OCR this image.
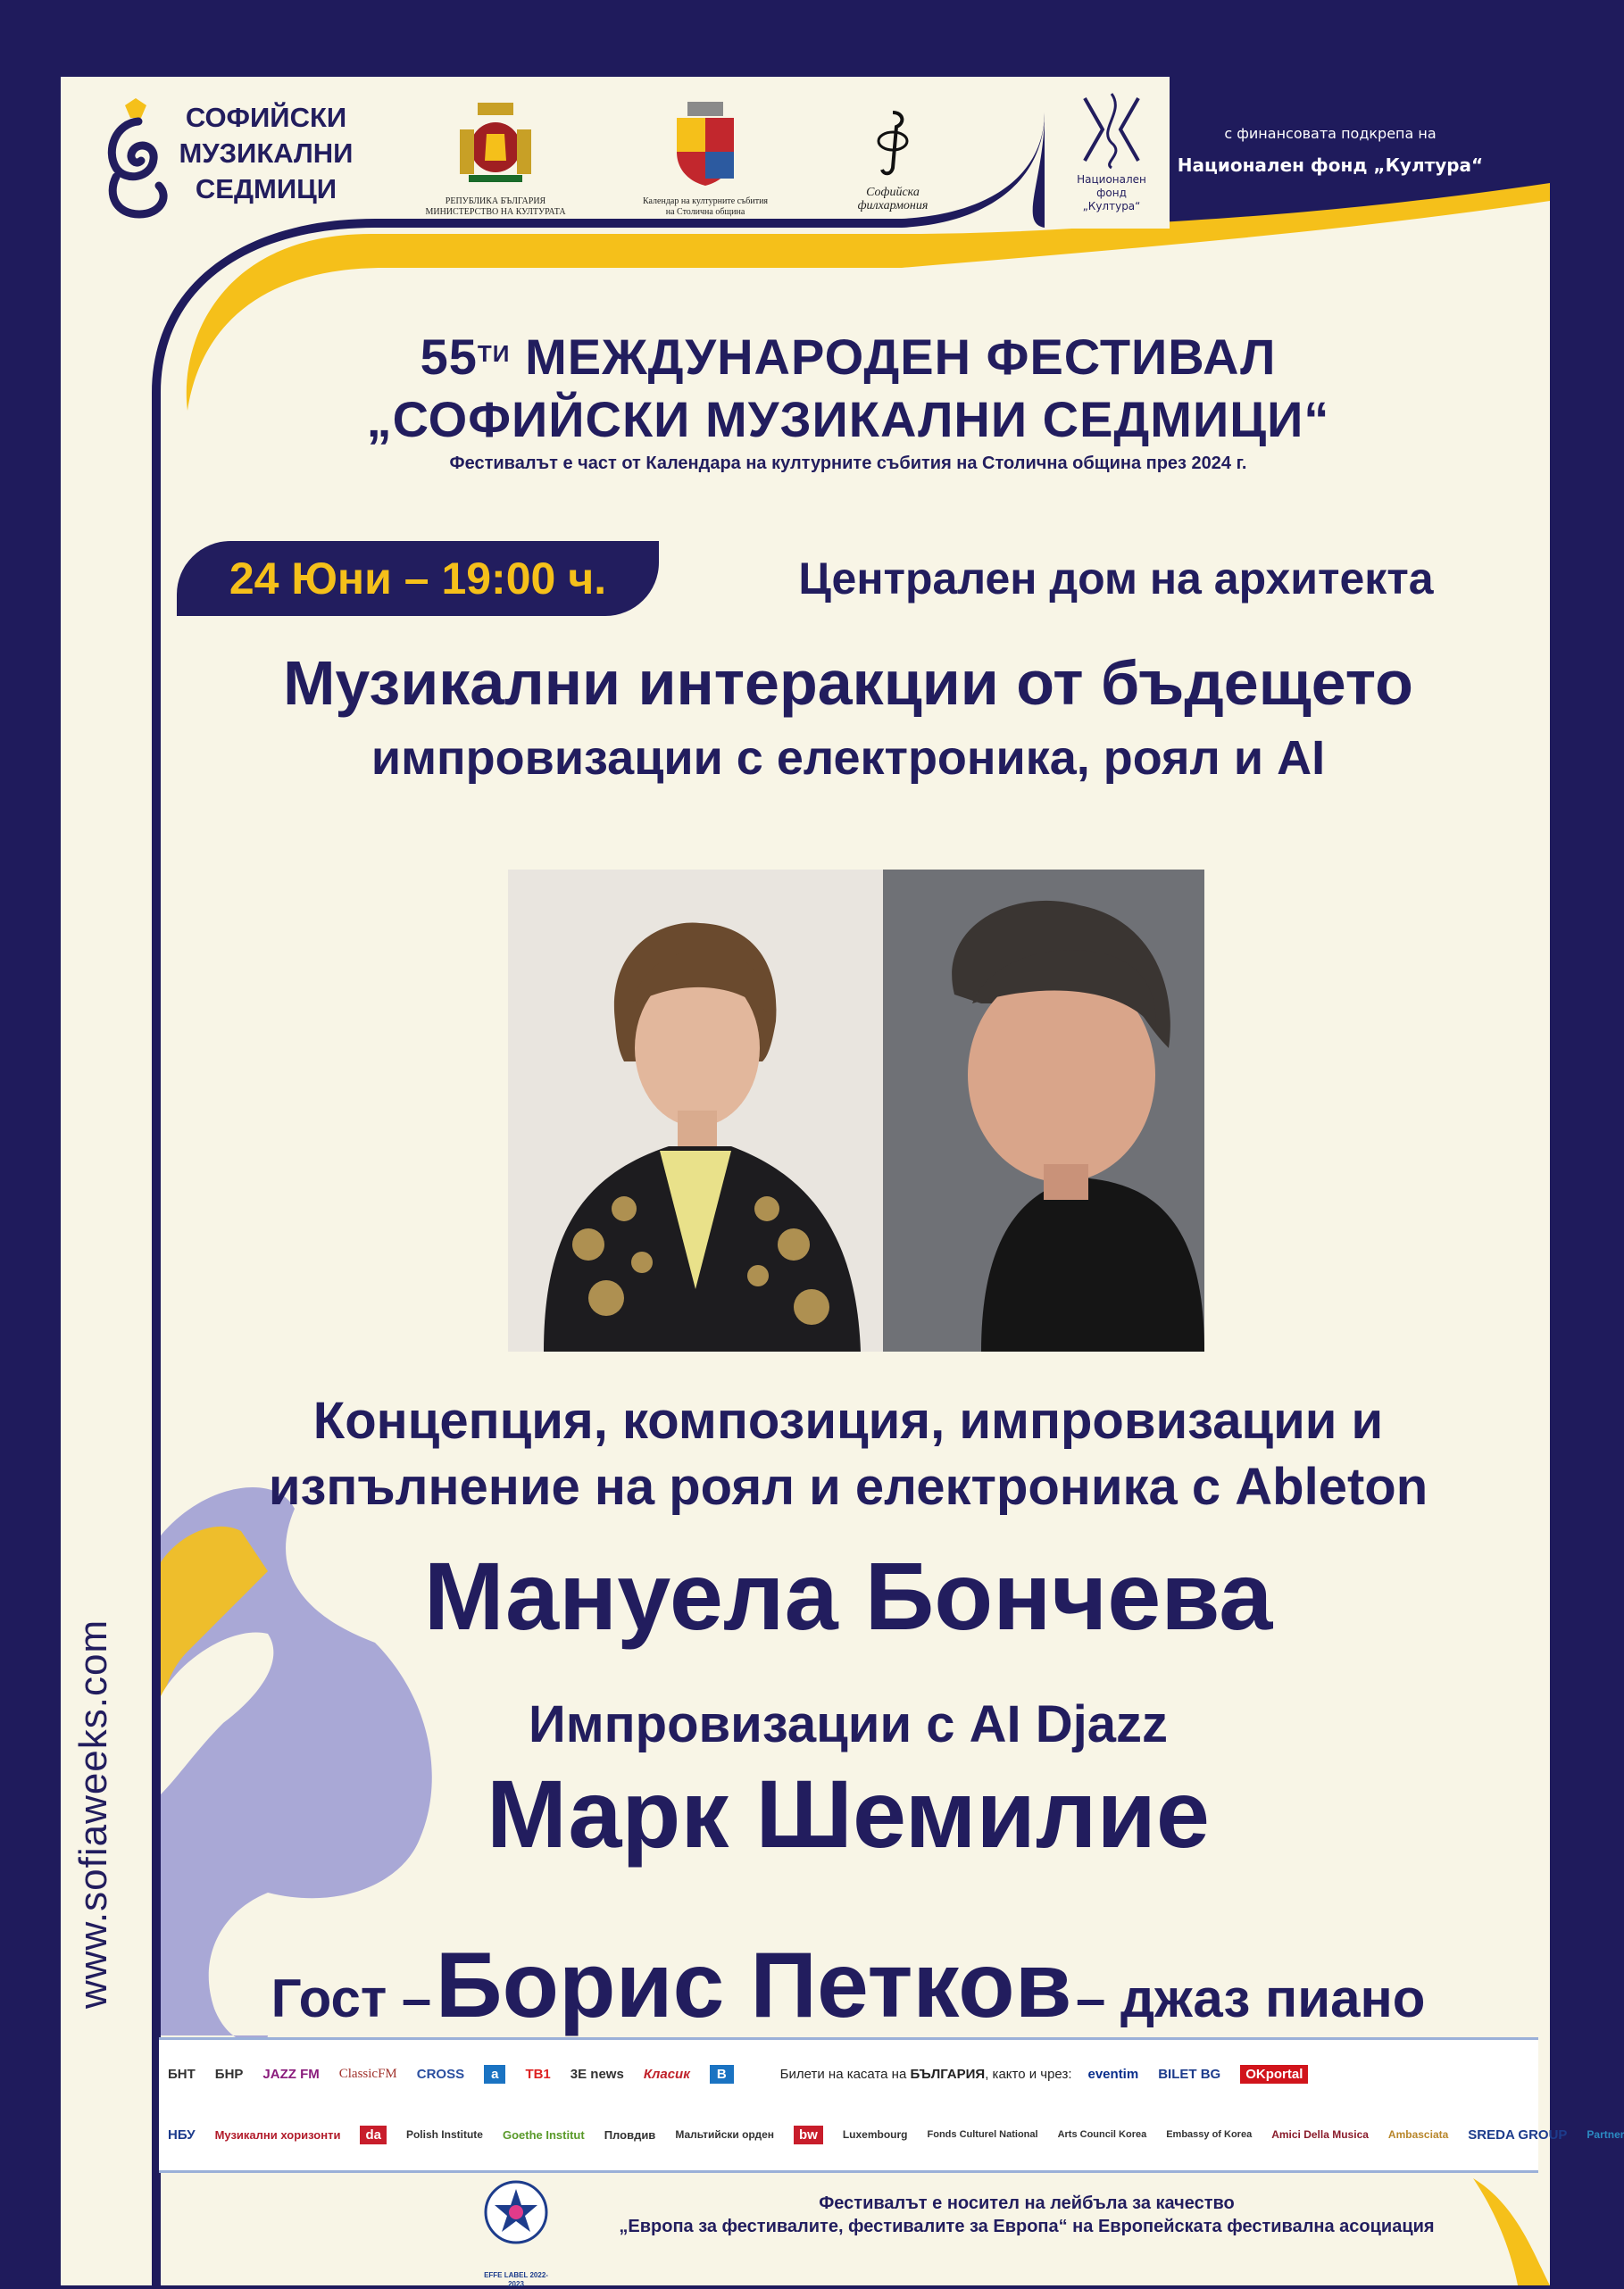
СОФИЙСКИ
МУЗИКАЛНИ
СЕДМИЦИ	РЕПУБЛИКА БЪЛГАРИЯ
МИНИСТЕРСТВО НА КУЛТУРАТА
Календар на културните събития
на Столична община
Софийска
филхармония
Национален
фонд
„Култура“
с финансовата подкрепа на
Национален фонд „Култура“
$55^{ТИ}$ МЕЖДУНАРОДЕН ФЕСТИВАЛ
„СОФИЙСКИ МУЗИКАЛНИ СЕДМИЦИ“
Фестивалът е част от Календара на културните събития на Столична община през 2024 г.
24 Юни – 19:00 ч.	Централен дом на архитекта
Музикални интеракции от бъдещето
импровизации с електроника, роял и AI
Концепция, композиция, импровизации и
изпълнение на роял и електроника с Ableton
Мануела Бончева
Импровизации с AI Djazz
Марк Шемилие
Гост – Борис Петков – джаз пиано
www.sofiaweeks.com
БНТ БНР JAZZ FM ClassicFM CROSS	a	ТВ1 3E news Класик	B	Билети на касата на БЪЛГАРИЯ, както и чрез: eventim BILET BG	OKportal
НБУ Музикални хоризонти	da	Polish Institute Goethe Institut Пловдив Мальтийски орден	bw	Luxembourg Fonds Culturel National Arts Council Korea Embassy of Korea Amici Della Musica Ambasciata SREDA GROUP Partner
EFFE LABEL 2022-2023
Фестивалът е носител на лейбъла за качество
„Европа за фестивалите, фестивалите за Европа“ на Европейската фестивална асоциация
